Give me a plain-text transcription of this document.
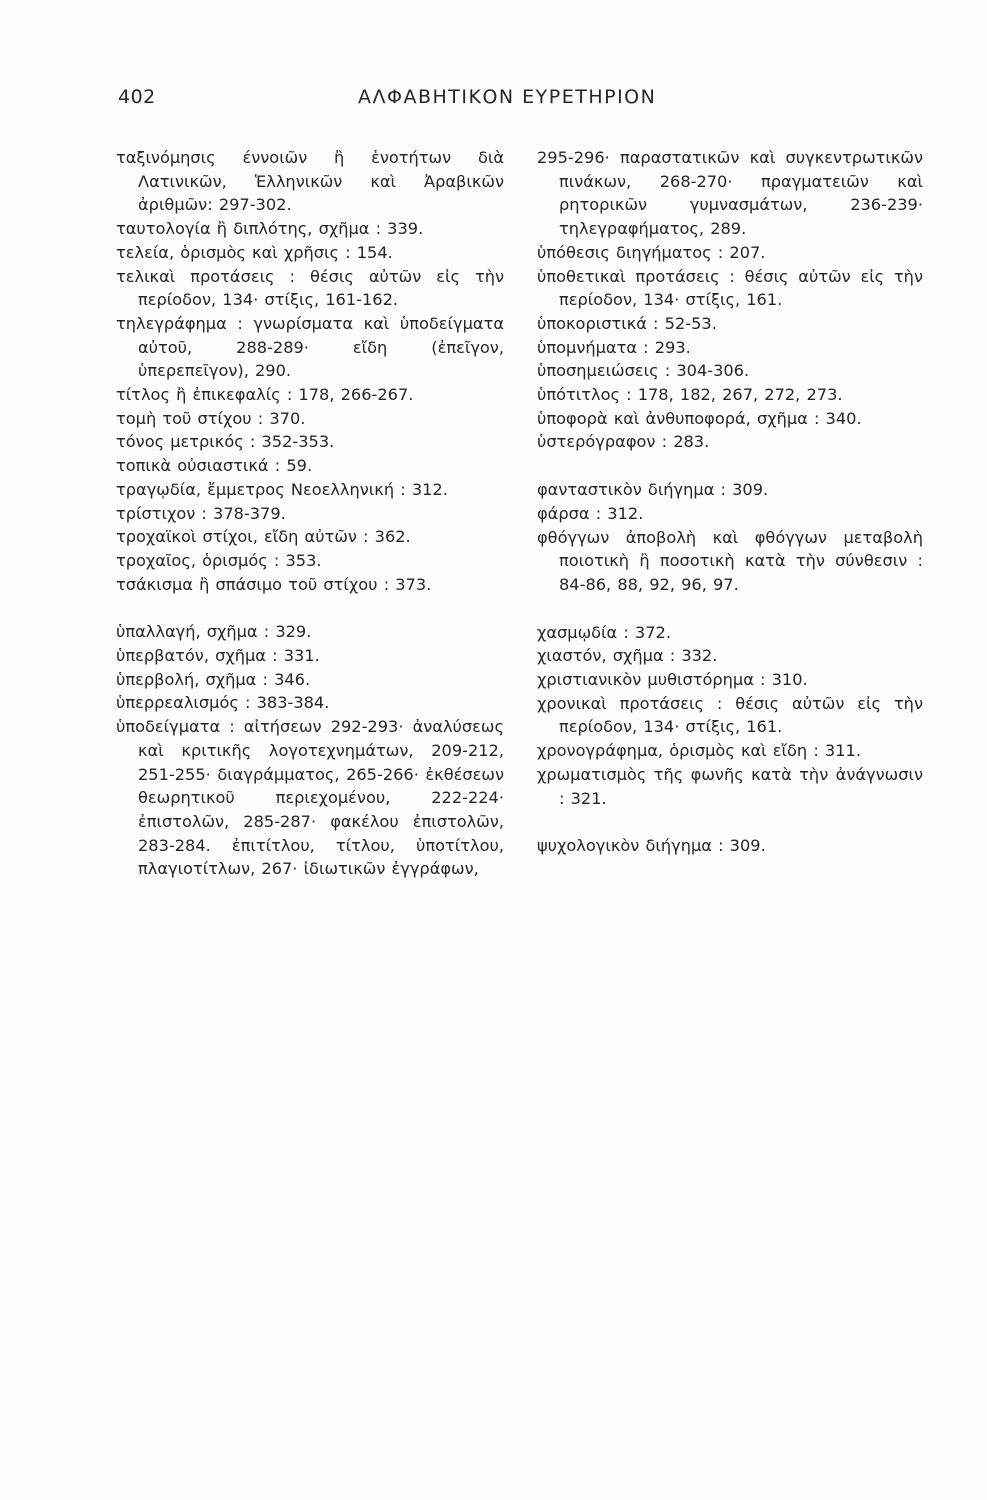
402	ΑΛΦΑΒΗΤΙΚΟΝ ΕΥΡΕΤΗΡΙΟΝ

ταξινόμησις έννοιῶν ἢ ἑνοτήτων διὰ Λατινικῶν, Ἑλληνικῶν καὶ Ἀραβικῶν ἀριθμῶν: 297-302.

ταυτολογία ἢ διπλότης, σχῆμα : 339.

τελεία, ὁρισμὸς καὶ χρῆσις : 154.

τελικαὶ προτάσεις : θέσις αὐτῶν εἰς τὴν περίοδον, 134· στίξις, 161-162.

τηλεγράφημα : γνωρίσματα καὶ ὑποδείγματα αὐτοῦ, 288-289· εἴδη (ἐπεῖγον, ὑπερεπεῖγον), 290.

τίτλος ἢ ἐπικεφαλίς : 178, 266-267.

τομὴ τοῦ στίχου : 370.

τόνος μετρικός : 352-353.

τοπικὰ οὐσιαστικά : 59.

τραγῳδία, ἔμμετρος Νεοελληνική : 312.

τρίστιχον : 378-379.

τροχαϊκοὶ στίχοι, εἴδη αὐτῶν : 362.

τροχαῖος, ὁρισμός : 353.

τσάκισμα ἢ σπάσιμο τοῦ στίχου : 373.

ὑπαλλαγή, σχῆμα : 329.

ὑπερβατόν, σχῆμα : 331.

ὑπερβολή, σχῆμα : 346.

ὑπερρεαλισμός : 383-384.

ὑποδείγματα : αἰτήσεων 292-293· ἀναλύσεως καὶ κριτικῆς λογοτεχνημάτων, 209-212, 251-255· διαγράμματος, 265-266· ἐκθέσεων θεωρητικοῦ περιεχομένου, 222-224· ἐπιστολῶν, 285-287· φακέλου ἐπιστολῶν, 283-284. ἐπιτίτλου, τίτλου, ὑποτίτλου, πλαγιοτίτλων, 267· ἰδιωτικῶν ἐγγράφων,

295-296· παραστατικῶν καὶ συγκεντρωτικῶν πινάκων, 268-270· πραγματειῶν καὶ ρητορικῶν γυμνασμάτων, 236-239· τηλεγραφήματος, 289.

ὑπόθεσις διηγήματος : 207.

ὑποθετικαὶ προτάσεις : θέσις αὐτῶν εἰς τὴν περίοδον, 134· στίξις, 161.

ὑποκοριστικά : 52-53.

ὑπομνήματα : 293.

ὑποσημειώσεις : 304-306.

ὑπότιτλος : 178, 182, 267, 272, 273.

ὑποφορὰ καὶ ἀνθυποφορά, σχῆμα : 340.

ὑστερόγραφον : 283.

φανταστικὸν διήγημα : 309.

φάρσα : 312.

φθόγγων ἀποβολὴ καὶ φθόγγων μεταβολὴ ποιοτικὴ ἢ ποσοτικὴ κατὰ τὴν σύνθεσιν : 84-86, 88, 92, 96, 97.

χασμῳδία : 372.

χιαστόν, σχῆμα : 332.

χριστιανικὸν μυθιστόρημα : 310.

χρονικαὶ προτάσεις : θέσις αὐτῶν εἰς τὴν περίοδον, 134· στίξις, 161.

χρονογράφημα, ὁρισμὸς καὶ εἴδη : 311.

χρωματισμὸς τῆς φωνῆς κατὰ τὴν ἀνάγνωσιν : 321.

ψυχολογικὸν διήγημα : 309.
